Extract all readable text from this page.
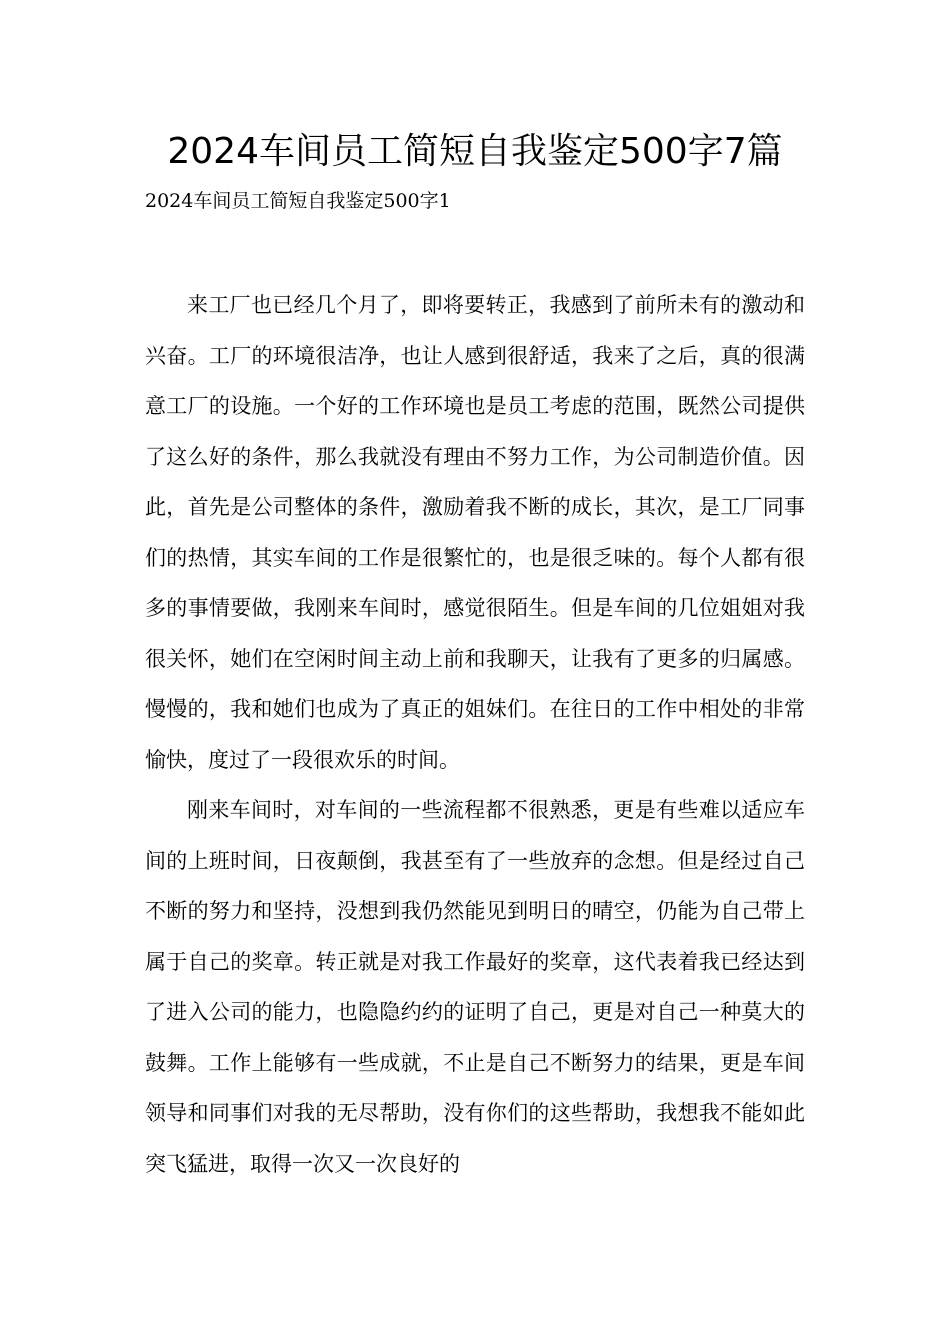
2024车间员工简短自我鉴定500字7篇
2024车间员工简短自我鉴定500字1

来工厂也已经几个月了，即将要转正，我感到了前所未有的激动和兴奋。工厂的环境很洁净，也让人感到很舒适，我来了之后，真的很满意工厂的设施。一个好的工作环境也是员工考虑的范围，既然公司提供了这么好的条件，那么我就没有理由不努力工作，为公司制造价值。因此，首先是公司整体的条件，激励着我不断的成长，其次，是工厂同事们的热情，其实车间的工作是很繁忙的，也是很乏味的。每个人都有很多的事情要做，我刚来车间时，感觉很陌生。但是车间的几位姐姐对我很关怀，她们在空闲时间主动上前和我聊天，让我有了更多的归属感。慢慢的，我和她们也成为了真正的姐妹们。在往日的工作中相处的非常愉快，度过了一段很欢乐的时间。

刚来车间时，对车间的一些流程都不很熟悉，更是有些难以适应车间的上班时间，日夜颠倒，我甚至有了一些放弃的念想。但是经过自己不断的努力和坚持，没想到我仍然能见到明日的晴空，仍能为自己带上属于自己的奖章。转正就是对我工作最好的奖章，这代表着我已经达到了进入公司的能力，也隐隐约约的证明了自己，更是对自己一种莫大的鼓舞。工作上能够有一些成就，不止是自己不断努力的结果，更是车间领导和同事们对我的无尽帮助，没有你们的这些帮助，我想我不能如此突飞猛进，取得一次又一次良好的
